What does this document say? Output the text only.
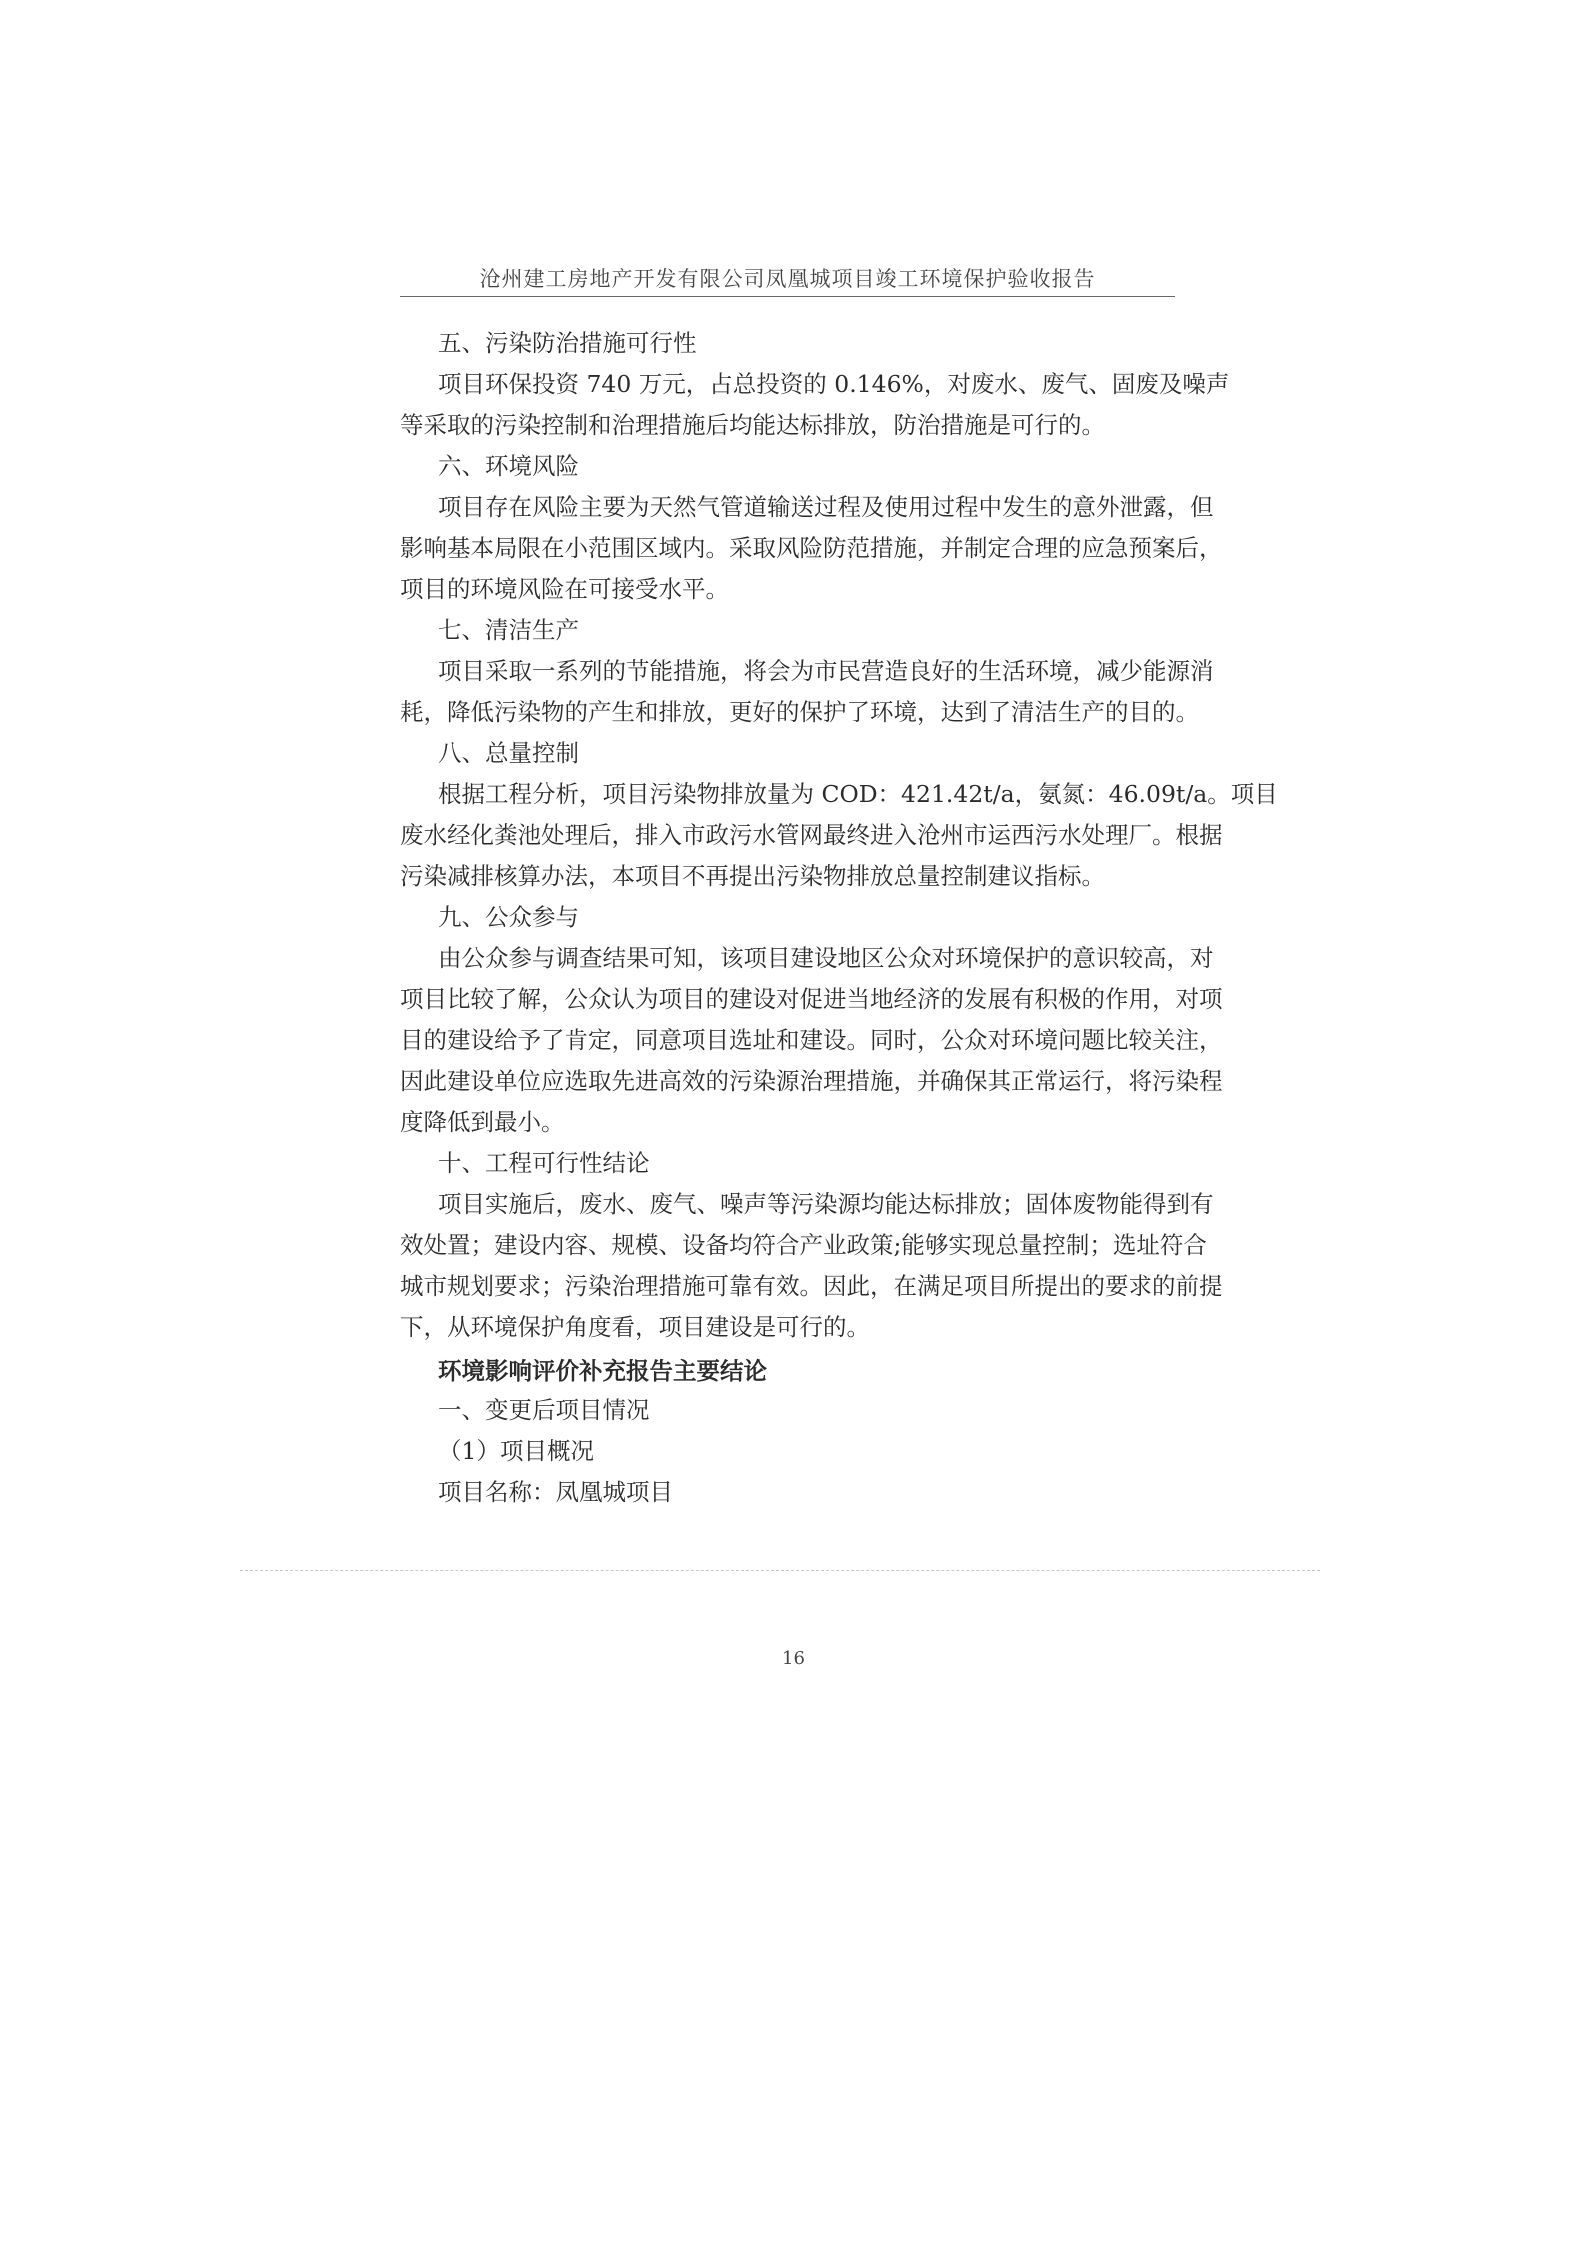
沧州建工房地产开发有限公司凤凰城项目竣工环境保护验收报告
五、污染防治措施可行性
项目环保投资 740 万元，占总投资的 0.146%，对废水、废气、固废及噪声
等采取的污染控制和治理措施后均能达标排放，防治措施是可行的。
六、环境风险
项目存在风险主要为天然气管道输送过程及使用过程中发生的意外泄露，但
影响基本局限在小范围区域内。采取风险防范措施，并制定合理的应急预案后，
项目的环境风险在可接受水平。
七、清洁生产
项目采取一系列的节能措施，将会为市民营造良好的生活环境，减少能源消
耗，降低污染物的产生和排放，更好的保护了环境，达到了清洁生产的目的。
八、总量控制
根据工程分析，项目污染物排放量为 COD：421.42t/a，氨氮：46.09t/a。项目
废水经化粪池处理后，排入市政污水管网最终进入沧州市运西污水处理厂。根据
污染减排核算办法，本项目不再提出污染物排放总量控制建议指标。
九、公众参与
由公众参与调查结果可知，该项目建设地区公众对环境保护的意识较高，对
项目比较了解，公众认为项目的建设对促进当地经济的发展有积极的作用，对项
目的建设给予了肯定，同意项目选址和建设。同时，公众对环境问题比较关注，
因此建设单位应选取先进高效的污染源治理措施，并确保其正常运行，将污染程
度降低到最小。
十、工程可行性结论
项目实施后，废水、废气、噪声等污染源均能达标排放；固体废物能得到有
效处置；建设内容、规模、设备均符合产业政策;能够实现总量控制；选址符合
城市规划要求；污染治理措施可靠有效。因此，在满足项目所提出的要求的前提
下，从环境保护角度看，项目建设是可行的。
环境影响评价补充报告主要结论
一、变更后项目情况
（1）项目概况
项目名称：凤凰城项目
16
